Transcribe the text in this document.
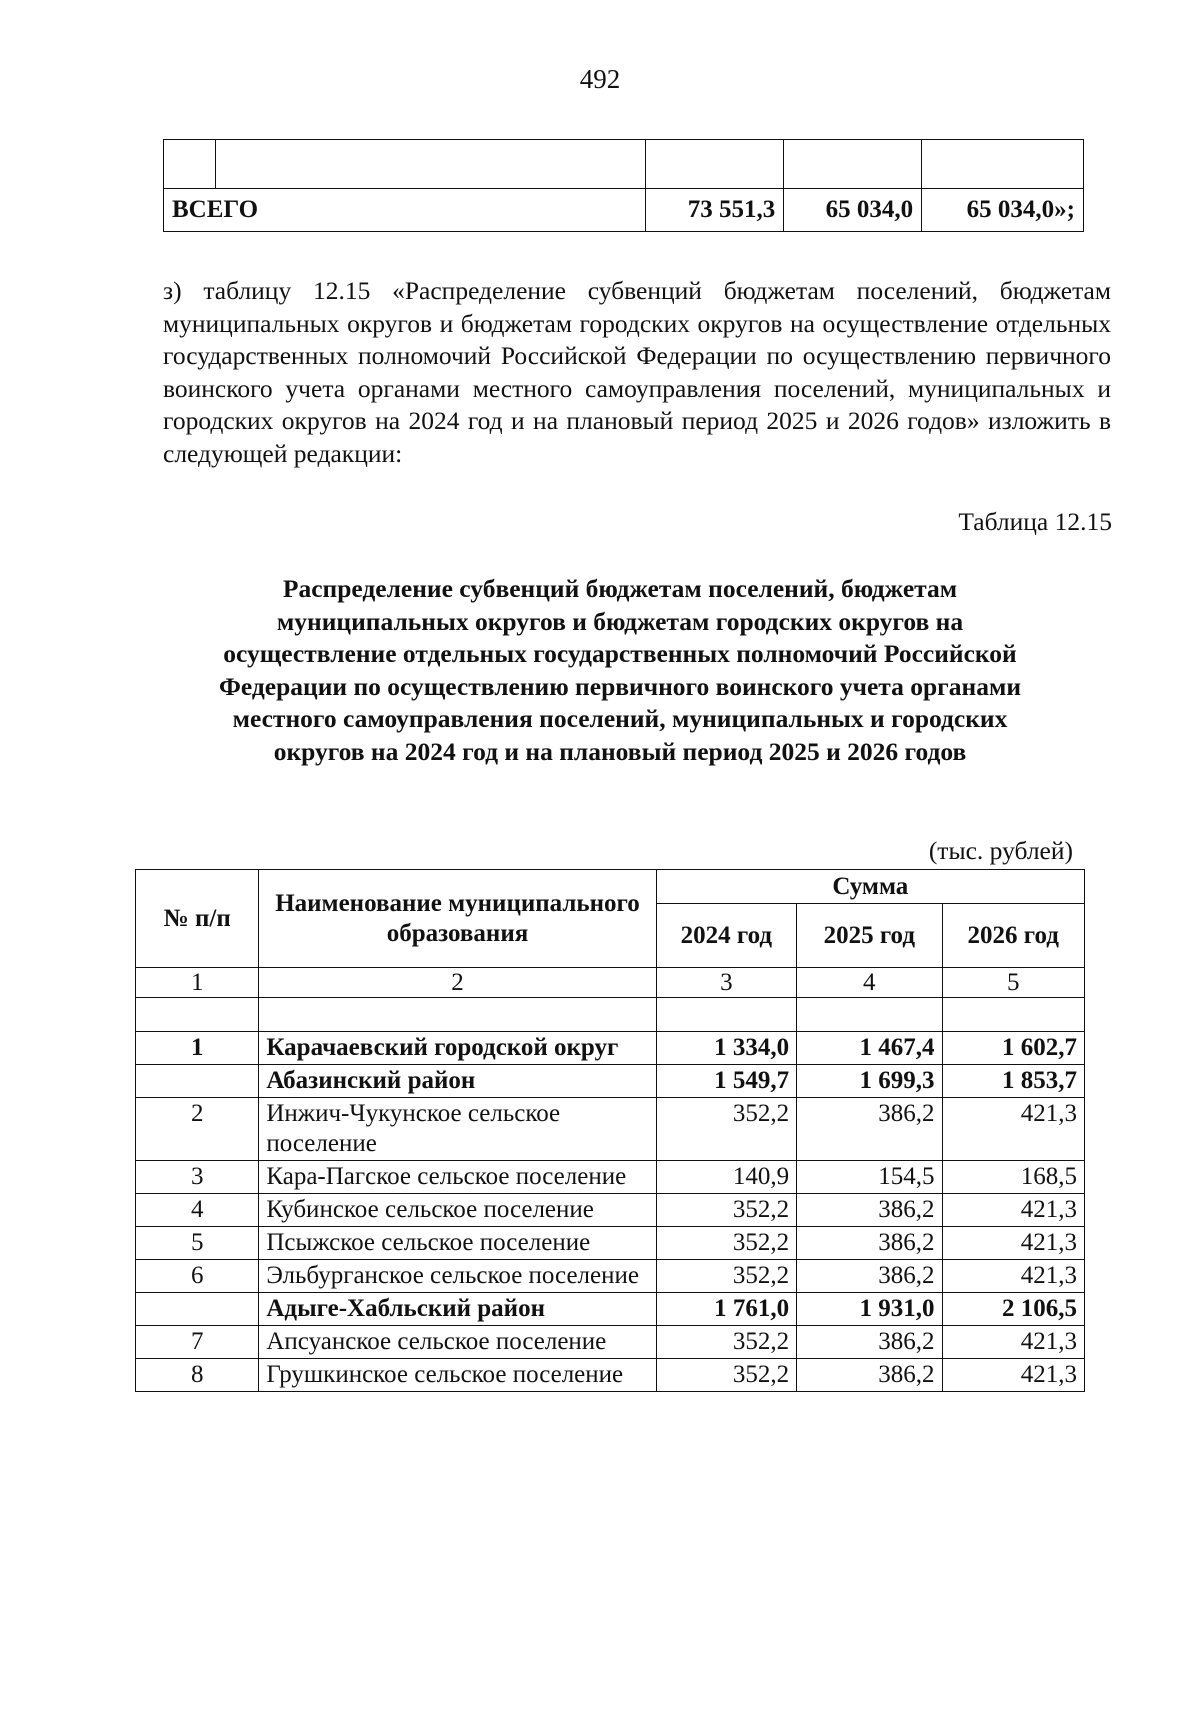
492

ВСЕГО		73 551,3	65 034,0	65 034,0»;
з) таблицу 12.15 «Распределение субвенций бюджетам поселений, бюджетам муниципальных округов и бюджетам городских округов на осуществление отдельных государственных полномочий Российской Федерации по осуществлению первичного воинского учета органами местного самоуправления поселений, муниципальных и городских округов на 2024 год и на плановый период 2025 и 2026 годов» изложить в следующей редакции:
Таблица 12.15
Распределение субвенций бюджетам поселений, бюджетам
муниципальных округов и бюджетам городских округов на
осуществление отдельных государственных полномочий Российской
Федерации по осуществлению первичного воинского учета органами
местного самоуправления поселений, муниципальных и городских
округов на 2024 год и на плановый период 2025 и 2026 годов
(тыс. рублей)
№ п/п	Наименование муниципального образования	Сумма		
		2024 год	2025 год	2026 год
1	2	3	4	5

1	Карачаевский городской округ	1 334,0	1 467,4	1 602,7
	Абазинский район	1 549,7	1 699,3	1 853,7
2	Инжич-Чукунское сельское поселение	352,2	386,2	421,3
3	Кара-Пагское сельское поселение	140,9	154,5	168,5
4	Кубинское сельское поселение	352,2	386,2	421,3
5	Псыжское сельское поселение	352,2	386,2	421,3
6	Эльбурганское сельское поселение	352,2	386,2	421,3
	Адыге-Хабльский район	1 761,0	1 931,0	2 106,5
7	Апсуанское сельское поселение	352,2	386,2	421,3
8	Грушкинское сельское поселение	352,2	386,2	421,3
